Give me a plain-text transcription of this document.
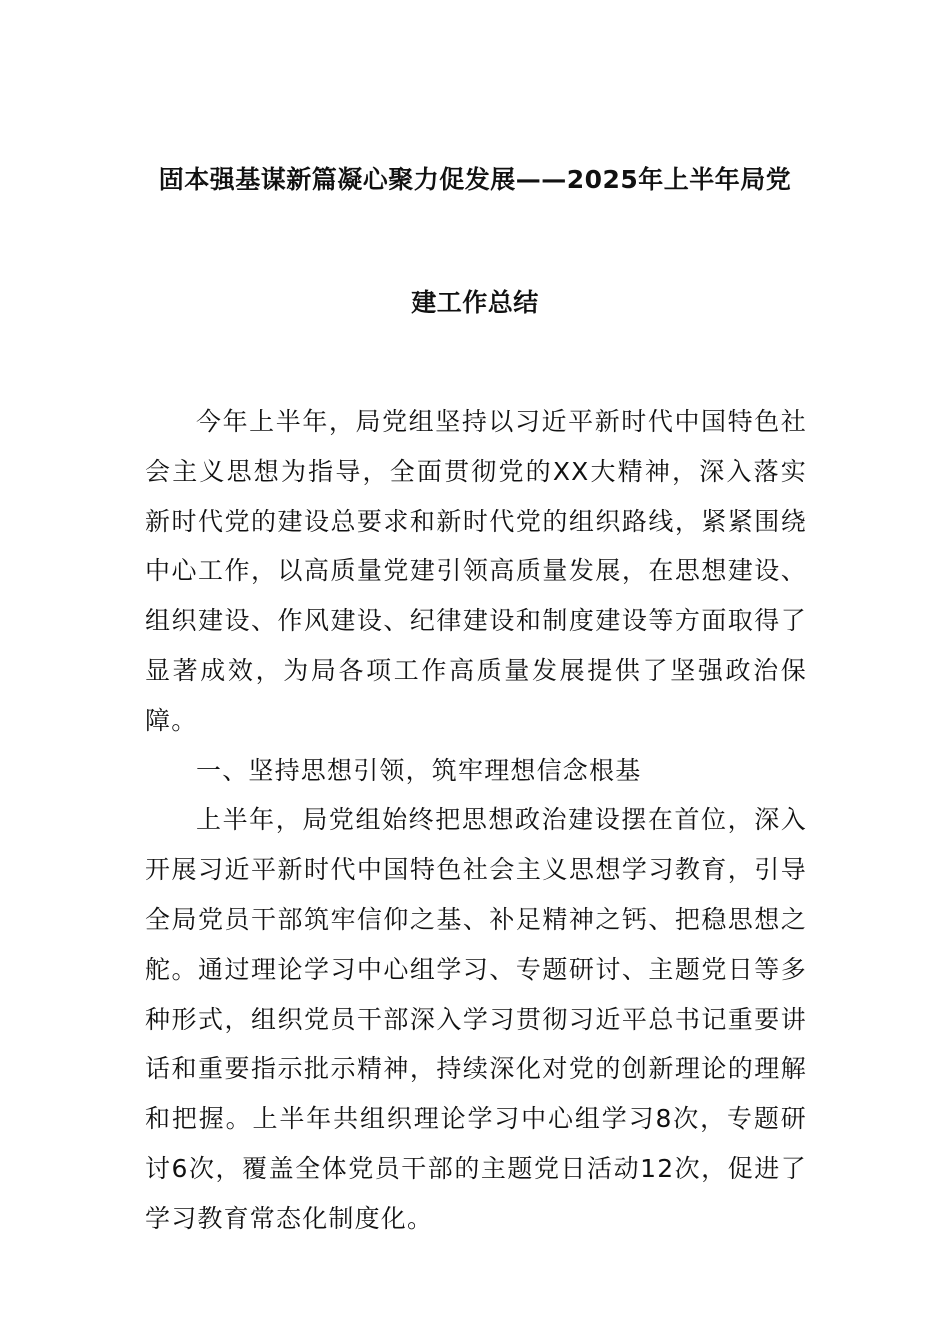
固本强基谋新篇凝心聚力促发展——2025年上半年局党
建工作总结

今年上半年，局党组坚持以习近平新时代中国特色社会主义思想为指导，全面贯彻党的XX大精神，深入落实新时代党的建设总要求和新时代党的组织路线，紧紧围绕中心工作，以高质量党建引领高质量发展，在思想建设、组织建设、作风建设、纪律建设和制度建设等方面取得了显著成效，为局各项工作高质量发展提供了坚强政治保障。

一、坚持思想引领，筑牢理想信念根基

上半年，局党组始终把思想政治建设摆在首位，深入开展习近平新时代中国特色社会主义思想学习教育，引导全局党员干部筑牢信仰之基、补足精神之钙、把稳思想之舵。通过理论学习中心组学习、专题研讨、主题党日等多种形式，组织党员干部深入学习贯彻习近平总书记重要讲话和重要指示批示精神，持续深化对党的创新理论的理解和把握。上半年共组织理论学习中心组学习8次，专题研讨6次，覆盖全体党员干部的主题党日活动12次，促进了学习教育常态化制度化。
